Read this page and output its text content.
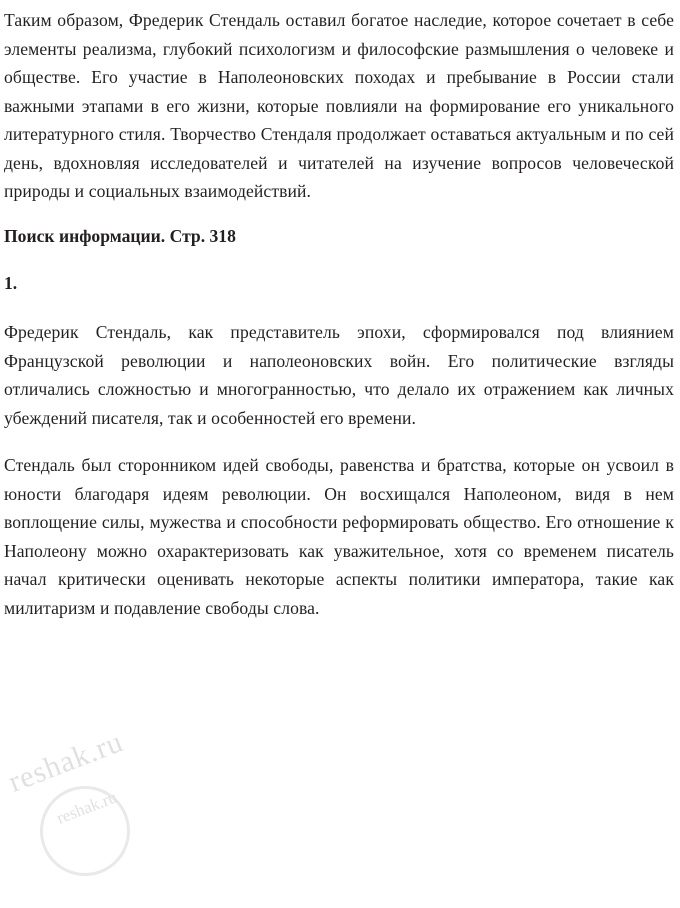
Таким образом, Фредерик Стендаль оставил богатое наследие, которое сочетает в себе элементы реализма, глубокий психологизм и философские размышления о человеке и обществе. Его участие в Наполеоновских походах и пребывание в России стали важными этапами в его жизни, которые повлияли на формирование его уникального литературного стиля. Творчество Стендаля продолжает оставаться актуальным и по сей день, вдохновляя исследователей и читателей на изучение вопросов человеческой природы и социальных взаимодействий.

Поиск информации. Стр. 318

1.

Фредерик Стендаль, как представитель эпохи, сформировался под влиянием Французской революции и наполеоновских войн. Его политические взгляды отличались сложностью и многогранностью, что делало их отражением как личных убеждений писателя, так и особенностей его времени.

Стендаль был сторонником идей свободы, равенства и братства, которые он усвоил в юности благодаря идеям революции. Он восхищался Наполеоном, видя в нем воплощение силы, мужества и способности реформировать общество. Его отношение к Наполеону можно охарактеризовать как уважительное, хотя со временем писатель начал критически оценивать некоторые аспекты политики императора, такие как милитаризм и подавление свободы слова.

reshak.ru
reshak.ru
